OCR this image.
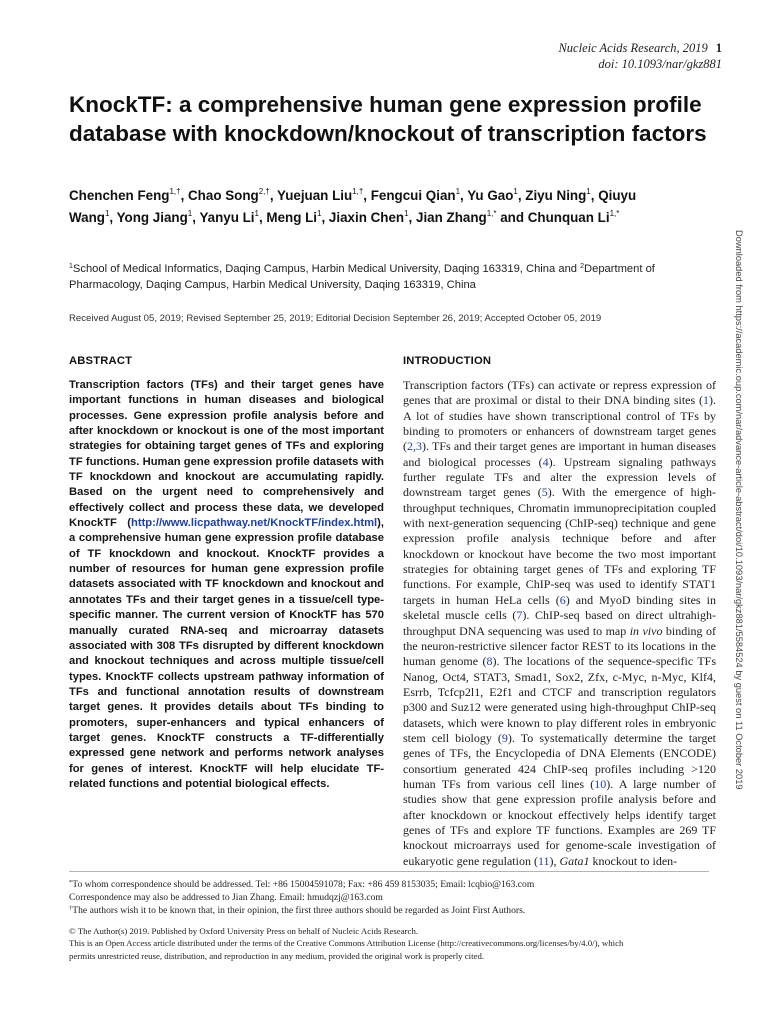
Nucleic Acids Research, 2019 1
doi: 10.1093/nar/gkz881
KnockTF: a comprehensive human gene expression profile database with knockdown/knockout of transcription factors
Chenchen Feng$^{1,\dagger}$, Chao Song$^{2,\dagger}$, Yuejuan Liu$^{1,\dagger}$, Fengcui Qian$^1$, Yu Gao$^1$, Ziyu Ning$^1$, Qiuyu Wang$^1$, Yong Jiang$^1$, Yanyu Li$^1$, Meng Li$^1$, Jiaxin Chen$^1$, Jian Zhang$^{1,*}$ and Chunquan $Li^{1,*}$
$^1$School of Medical Informatics, Daqing Campus, Harbin Medical University, Daqing 163319, China and $^2$Department of Pharmacology, Daqing Campus, Harbin Medical University, Daqing 163319, China
Received August 05, 2019; Revised September 25, 2019; Editorial Decision September 26, 2019; Accepted October 05, 2019
ABSTRACT	INTRODUCTION

Transcription factors (TFs) and their target genes have important functions in human diseases and biological processes. Gene expression profile analysis before and after knockdown or knockout is one of the most important strategies for obtaining target genes of TFs and exploring TF functions. Human gene expression profile datasets with TF knockdown and knockout are accumulating rapidly. Based on the urgent need to comprehensively and effectively collect and process these data, we developed KnockTF (http://www.licpathway.net/KnockTF/index.html), a comprehensive human gene expression profile database of TF knockdown and knockout. KnockTF provides a number of resources for human gene expression profile datasets associated with TF knockdown and knockout and annotates TFs and their target genes in a tissue/cell type-specific manner. The current version of KnockTF has 570 manually curated RNA-seq and microarray datasets associated with 308 TFs disrupted by different knockdown and knockout techniques and across multiple tissue/cell types. KnockTF collects upstream pathway information of TFs and functional annotation results of downstream target genes. It provides details about TFs binding to promoters, super-enhancers and typical enhancers of target genes. KnockTF constructs a TF-differentially expressed gene network and performs network analyses for genes of interest. KnockTF will help elucidate TF-related functions and potential biological effects.

Transcription factors (TFs) can activate or repress expression of genes that are proximal or distal to their DNA binding sites (1). A lot of studies have shown transcriptional control of TFs by binding to promoters or enhancers of downstream target genes (2,3). TFs and their target genes are important in human diseases and biological processes (4). Upstream signaling pathways further regulate TFs and alter the expression levels of downstream target genes (5). With the emergence of high-throughput techniques, Chromatin immunoprecipitation coupled with next-generation sequencing (ChIP-seq) technique and gene expression profile analysis technique before and after knockdown or knockout have become the two most important strategies for obtaining target genes of TFs and exploring TF functions. For example, ChIP-seq was used to identify STAT1 targets in human HeLa cells (6) and MyoD binding sites in skeletal muscle cells (7). ChIP-seq based on direct ultrahigh-throughput DNA sequencing was used to map in vivo binding of the neuron-restrictive silencer factor REST to its locations in the human genome (8). The locations of the sequence-specific TFs Nanog, Oct4, STAT3, Smad1, Sox2, Zfx, c-Myc, n-Myc, Klf4, Esrrb, Tcfcp2l1, E2f1 and CTCF and transcription regulators p300 and Suz12 were generated using high-throughput ChIP-seq datasets, which were known to play different roles in embryonic stem cell biology (9). To systematically determine the target genes of TFs, the Encyclopedia of DNA Elements (ENCODE) consortium generated 424 ChIP-seq profiles including >120 human TFs from various cell lines (10). A large number of studies show that gene expression profile analysis before and after knockdown or knockout effectively helps identify target genes of TFs and explore TF functions. Examples are 269 TF knockout microarrays used for genome-scale investigation of eukaryotic gene regulation (11), Gata1 knockout to iden-

Downloaded from https://academic.oup.com/nar/advance-article-abstract/doi/10.1093/nar/gkz881/5584524 by guest on 11 October 2019

*To whom correspondence should be addressed. Tel: +86 15004591078; Fax: +86 459 8153035; Email: lcqbio@163.com

Correspondence may also be addressed to Jian Zhang. Email: hmudqzj@163.com

†The authors wish it to be known that, in their opinion, the first three authors should be regarded as Joint First Authors.

© The Author(s) 2019. Published by Oxford University Press on behalf of Nucleic Acids Research.

This is an Open Access article distributed under the terms of the Creative Commons Attribution License (http://creativecommons.org/licenses/by/4.0/), which

permits unrestricted reuse, distribution, and reproduction in any medium, provided the original work is properly cited.
